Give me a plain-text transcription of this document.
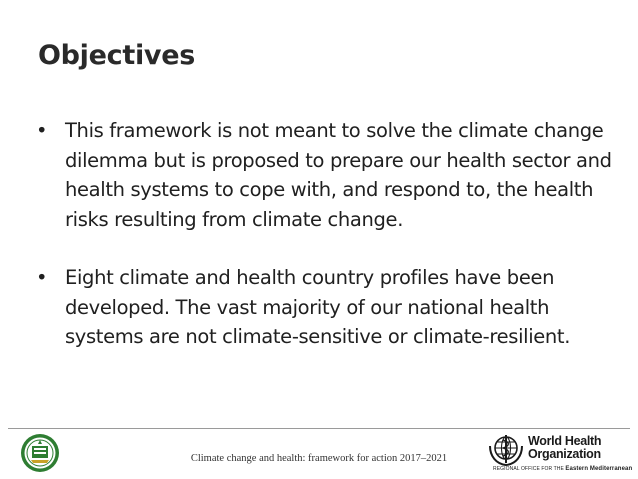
Objectives
• This framework is not meant to solve the climate change dilemma but is proposed to prepare our health sector and health systems to cope with, and respond to, the health risks resulting from climate change.
• Eight climate and health country profiles have been developed. The vast majority of our national health systems are not climate-sensitive or climate-resilient.
Climate change and health: framework for action 2017–2021
World Health
Organization
REGIONAL OFFICE FOR THE Eastern Mediterranean
